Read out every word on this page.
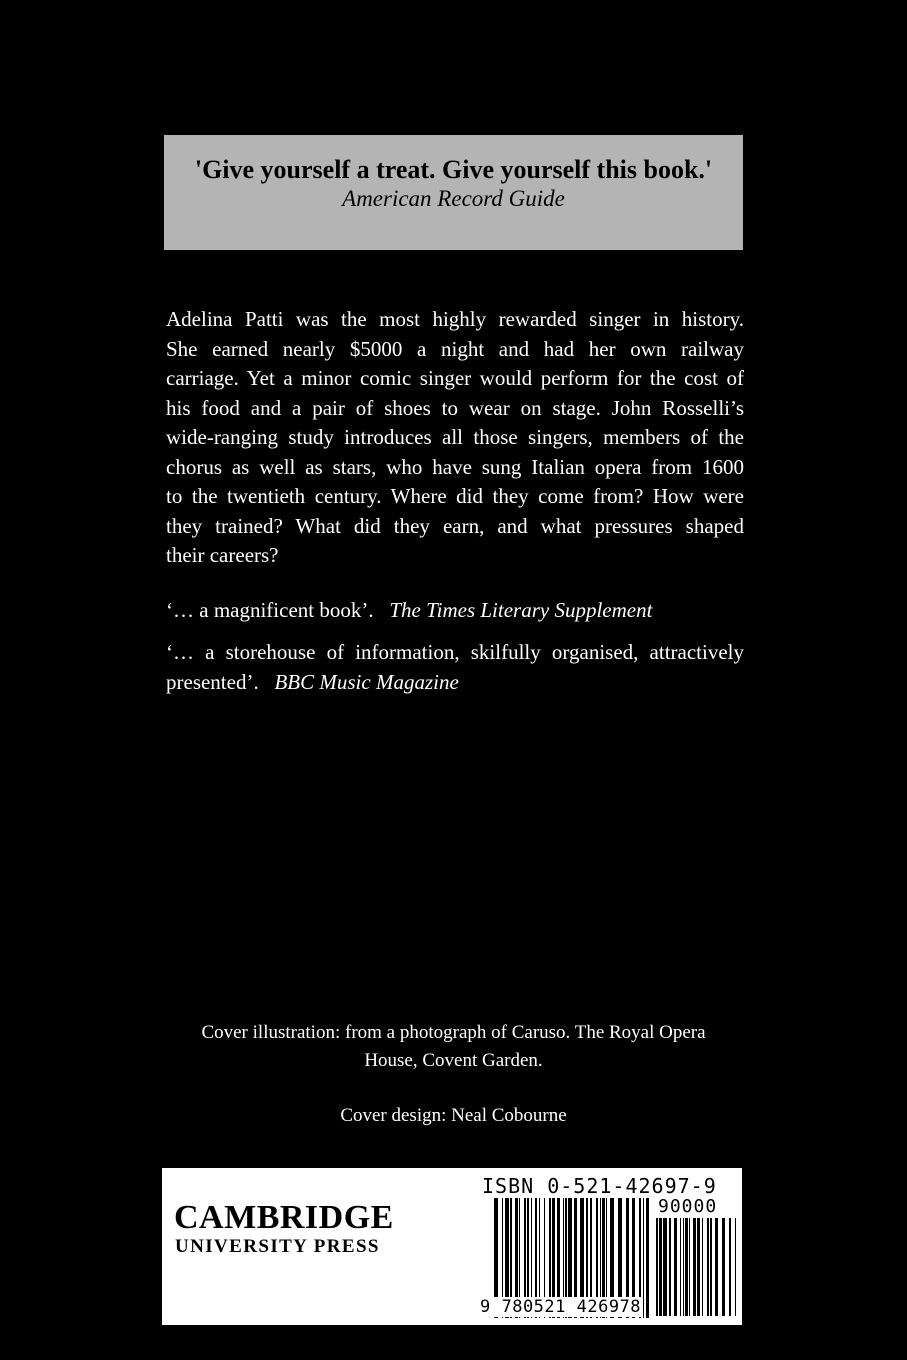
'Give yourself a treat. Give yourself this book.'
American Record Guide
Adelina Patti was the most highly rewarded singer in history.
She earned nearly $5000 a night and had her own railway
carriage. Yet a minor comic singer would perform for the cost of
his food and a pair of shoes to wear on stage. John Rosselli’s
wide-ranging study introduces all those singers, members of the
chorus as well as stars, who have sung Italian opera from 1600
to the twentieth century. Where did they come from? How were
they trained? What did they earn, and what pressures shaped
their careers?
‘… a magnificent book’. The Times Literary Supplement
‘… a storehouse of information, skilfully organised, attractively
presented’. BBC Music Magazine
Cover illustration: from a photograph of Caruso. The Royal Opera
House, Covent Garden.
Cover design: Neal Cobourne
CAMBRIDGE
UNIVERSITY PRESS
ISBN 0-521-42697-9
90000
9 780521 426978
